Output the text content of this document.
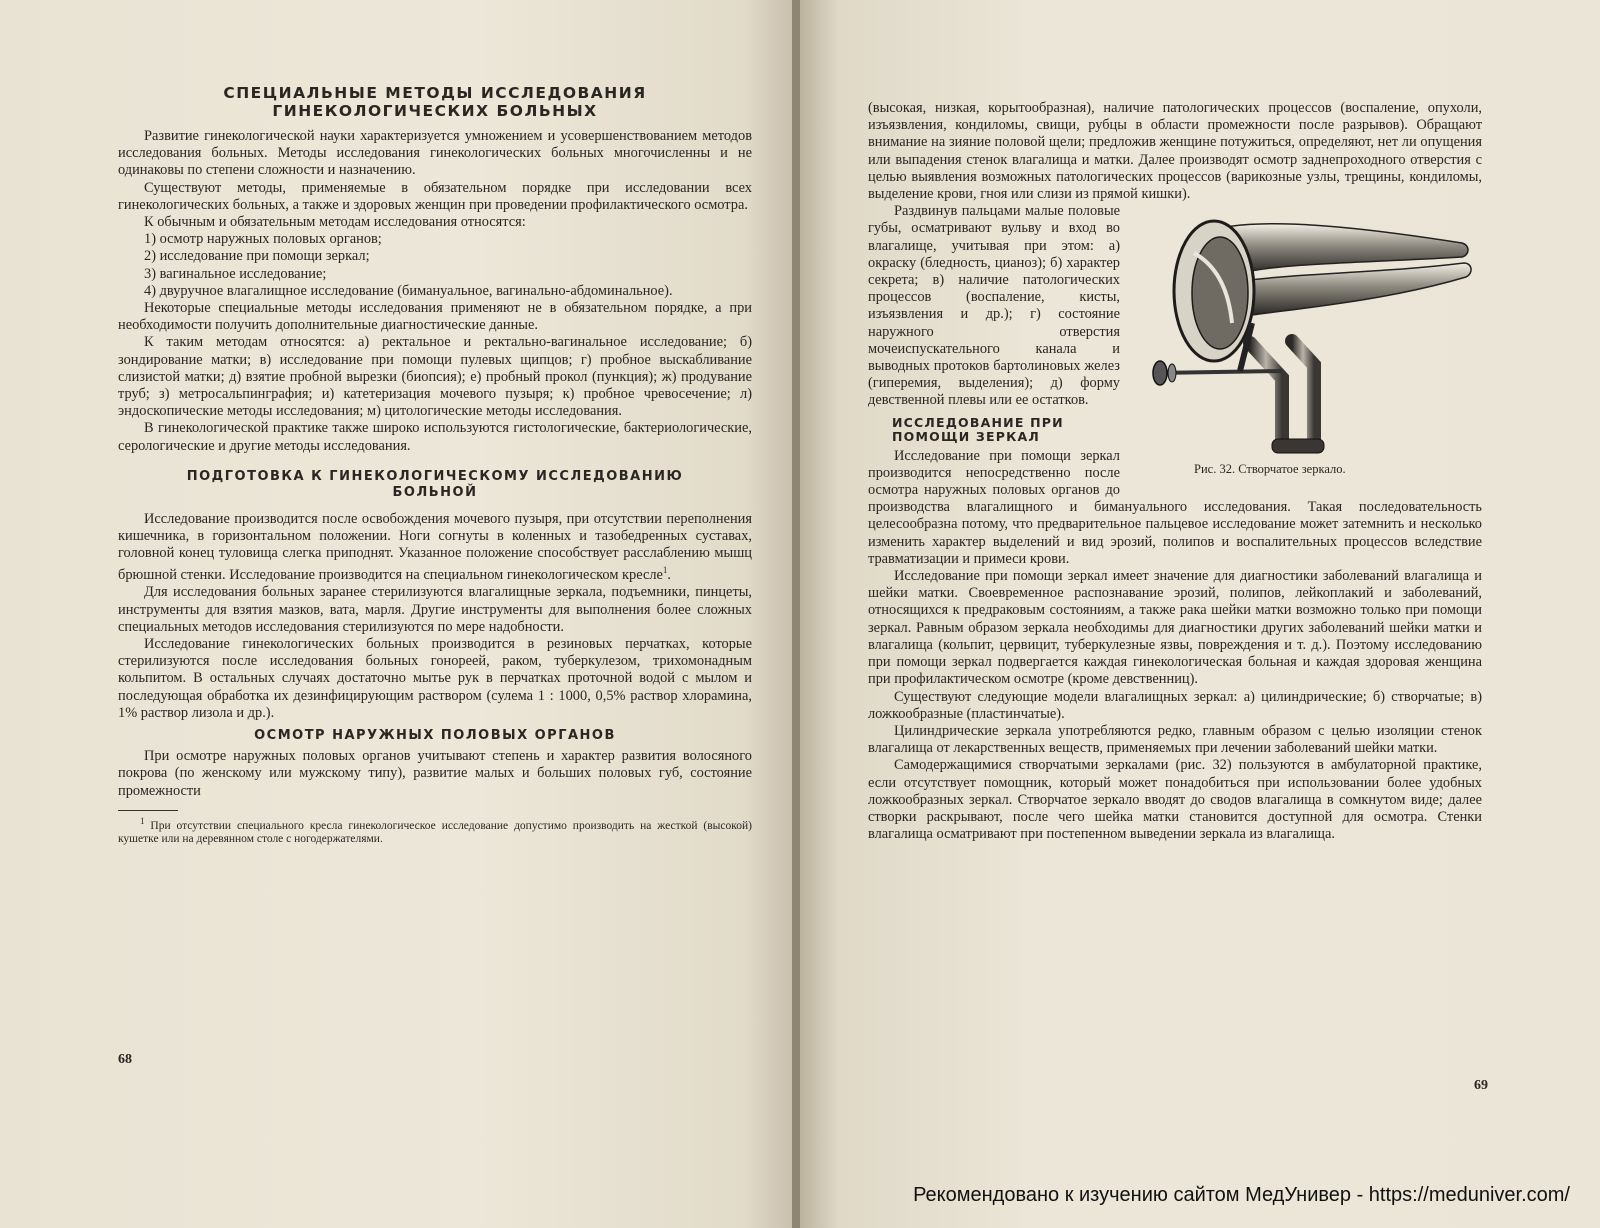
СПЕЦИАЛЬНЫЕ МЕТОДЫ ИССЛЕДОВАНИЯ
ГИНЕКОЛОГИЧЕСКИХ БОЛЬНЫХ

Развитие гинекологической науки характеризуется умножением и усовершенствованием методов исследования больных. Методы исследования гинекологических больных многочисленны и не одинаковы по степени сложности и назначению.

Существуют методы, применяемые в обязательном порядке при исследовании всех гинекологических больных, а также и здоровых женщин при проведении профилактического осмотра.

К обычным и обязательным методам исследования относятся:

1) осмотр наружных половых органов;

2) исследование при помощи зеркал;

3) вагинальное исследование;

4) двуручное влагалищное исследование (бимануальное, вагинально-абдоминальное).

Некоторые специальные методы исследования применяют не в обязательном порядке, а при необходимости получить дополнительные диагностические данные.

К таким методам относятся: а) ректальное и ректально-вагинальное исследование; б) зондирование матки; в) исследование при помощи пулевых щипцов; г) пробное выскабливание слизистой матки; д) взятие пробной вырезки (биопсия); е) пробный прокол (пункция); ж) продувание труб; з) метросальпинграфия; и) катетеризация мочевого пузыря; к) пробное чревосечение; л) эндоскопические методы исследования; м) цитологические методы исследования.

В гинекологической практике также широко используются гистологические, бактериологические, серологические и другие методы исследования.

ПОДГОТОВКА К ГИНЕКОЛОГИЧЕСКОМУ ИССЛЕДОВАНИЮ
БОЛЬНОЙ

Исследование производится после освобождения мочевого пузыря, при отсутствии переполнения кишечника, в горизонтальном положении. Ноги согнуты в коленных и тазобедренных суставах, головной конец туловища слегка приподнят. Указанное положение способствует расслаблению мышц брюшной стенки. Исследование производится на специальном гинекологическом кресле$^1$.

Для исследования больных заранее стерилизуются влагалищные зеркала, подъемники, пинцеты, инструменты для взятия мазков, вата, марля. Другие инструменты для выполнения более сложных специальных методов исследования стерилизуются по мере надобности.

Исследование гинекологических больных производится в резиновых перчатках, которые стерилизуются после исследования больных гонореей, раком, туберкулезом, трихомонадным кольпитом. В остальных случаях достаточно мытье рук в перчатках проточной водой с мылом и последующая обработка их дезинфицирующим раствором (сулема 1 : 1000, 0,5% раствор хлорамина, 1% раствор лизола и др.).

ОСМОТР НАРУЖНЫХ ПОЛОВЫХ ОРГАНОВ

При осмотре наружных половых органов учитывают степень и характер развития волосяного покрова (по женскому или мужскому типу), развитие малых и больших половых губ, состояние промежности

$^1$ При отсутствии специального кресла гинекологическое исследование допустимо производить на жесткой (высокой) кушетке или на деревянном столе с ногодержателями.

68

(высокая, низкая, корытообразная), наличие патологических процессов (воспаление, опухоли, изъязвления, кондиломы, свищи, рубцы в области промежности после разрывов). Обращают внимание на зияние половой щели; предложив женщине потужиться, определяют, нет ли опущения или выпадения стенок влагалища и матки. Далее производят осмотр заднепроходного отверстия с целью выявления возможных патологических процессов (варикозные узлы, трещины, кондиломы, выделение крови, гноя или слизи из прямой кишки).

Рис. 32. Створчатое зеркало.

Раздвинув пальцами малые половые губы, осматривают вульву и вход во влагалище, учитывая при этом: а) окраску (бледность, цианоз); б) характер секрета; в) наличие патологических процессов (воспаление, кисты, изъязвления и др.); г) состояние наружного отверстия мочеиспускательного канала и выводных протоков бартолиновых желез (гиперемия, выделения); д) форму девственной плевы или ее остатков.

ИССЛЕДОВАНИЕ ПРИ
ПОМОЩИ ЗЕРКАЛ

Исследование при помощи зеркал производится непосредственно после осмотра наружных половых органов до производства влагалищного и бимануального исследования. Такая последовательность целесообразна потому, что предварительное пальцевое исследование может затемнить и несколько изменить характер выделений и вид эрозий, полипов и воспалительных процессов вследствие травматизации и примеси крови.

Исследование при помощи зеркал имеет значение для диагностики заболеваний влагалища и шейки матки. Своевременное распознавание эрозий, полипов, лейкоплакий и заболеваний, относящихся к предраковым состояниям, а также рака шейки матки возможно только при помощи зеркал. Равным образом зеркала необходимы для диагностики других заболеваний шейки матки и влагалища (кольпит, цервицит, туберкулезные язвы, повреждения и т. д.). Поэтому исследованию при помощи зеркал подвергается каждая гинекологическая больная и каждая здоровая женщина при профилактическом осмотре (кроме девственниц).

Существуют следующие модели влагалищных зеркал: а) цилиндрические; б) створчатые; в) ложкообразные (пластинчатые).

Цилиндрические зеркала употребляются редко, главным образом с целью изоляции стенок влагалища от лекарственных веществ, применяемых при лечении заболеваний шейки матки.

Самодержащимися створчатыми зеркалами (рис. 32) пользуются в амбулаторной практике, если отсутствует помощник, который может понадобиться при использовании более удобных ложкообразных зеркал. Створчатое зеркало вводят до сводов влагалища в сомкнутом виде; далее створки раскрывают, после чего шейка матки становится доступной для осмотра. Стенки влагалища осматривают при постепенном выведении зеркала из влагалища.

69
Рекомендовано к изучению сайтом МедУнивер - https://meduniver.com/
